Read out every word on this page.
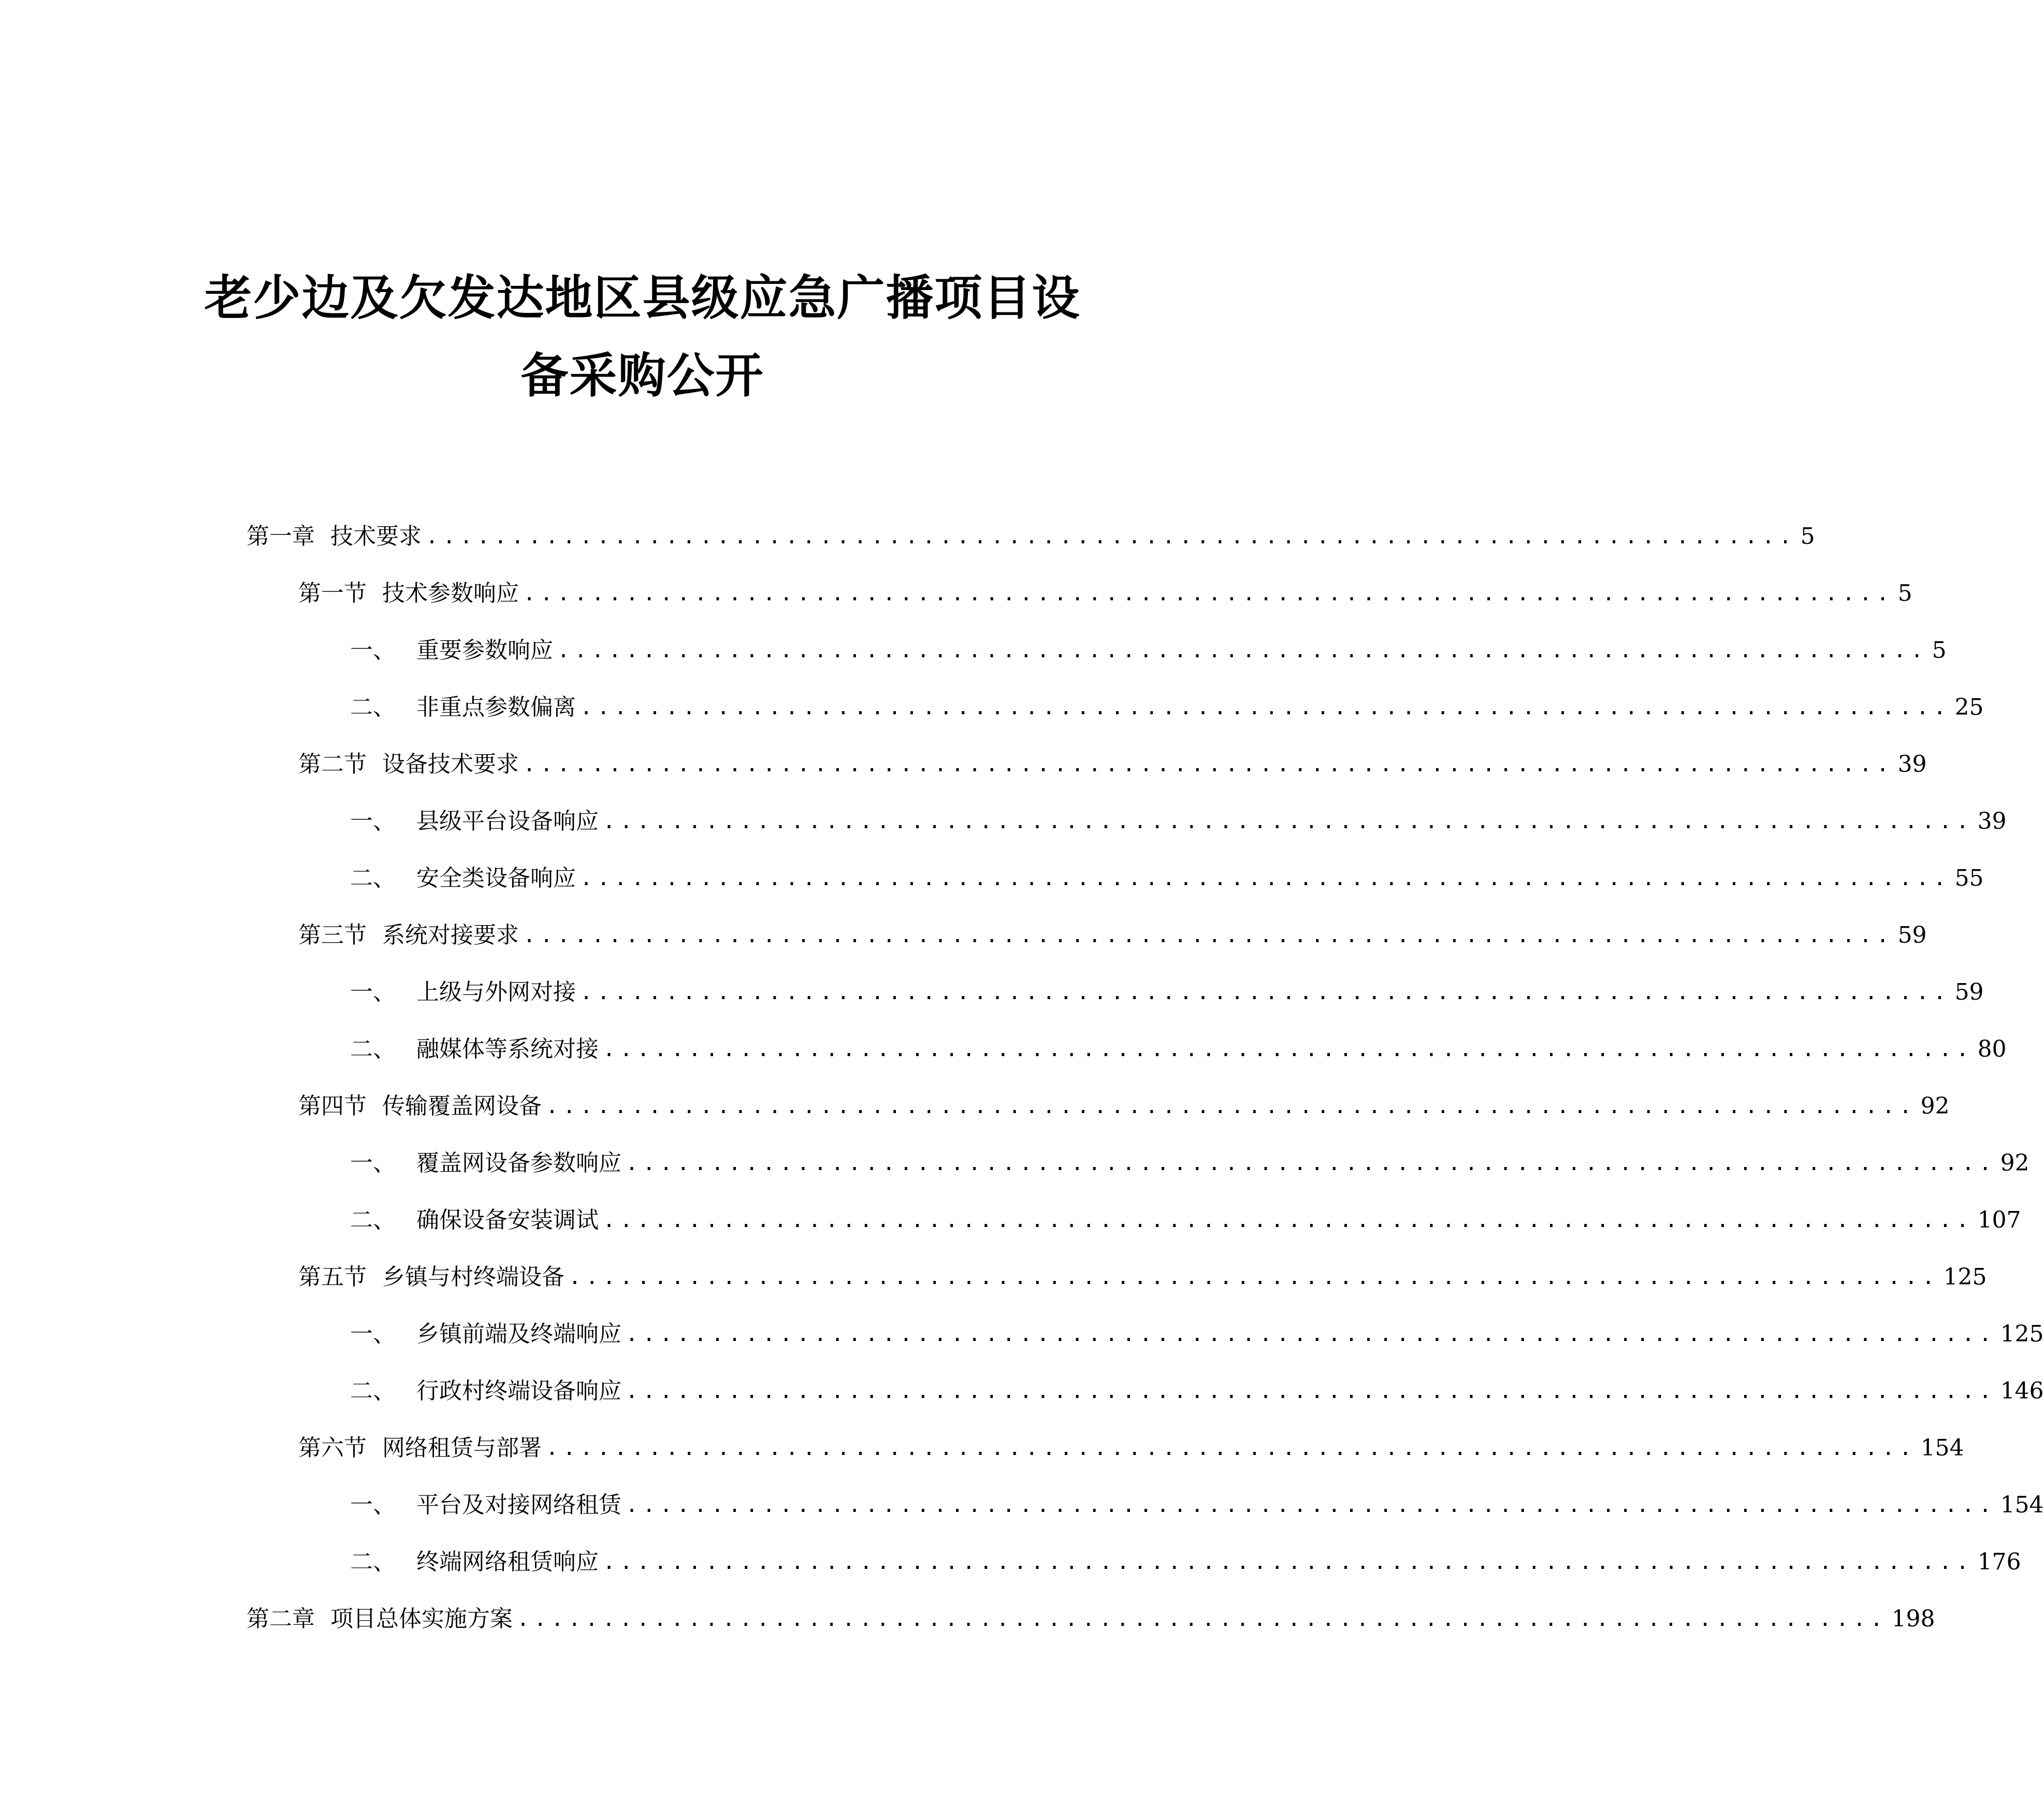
老少边及欠发达地区县级应急广播项目设
备采购公开
第一章 技术要求 ................................................................................ 5
第一节 技术参数响应 ................................................................................ 5
一、 重要参数响应 ................................................................................ 5
二、 非重点参数偏离 ................................................................................ 25
第二节 设备技术要求 ................................................................................ 39
一、 县级平台设备响应 ................................................................................ 39
二、 安全类设备响应 ................................................................................ 55
第三节 系统对接要求 ................................................................................ 59
一、 上级与外网对接 ................................................................................ 59
二、 融媒体等系统对接 ................................................................................ 80
第四节 传输覆盖网设备 ................................................................................ 92
一、 覆盖网设备参数响应 ................................................................................ 92
二、 确保设备安装调试 ................................................................................ 107
第五节 乡镇与村终端设备 ................................................................................ 125
一、 乡镇前端及终端响应 ................................................................................ 125
二、 行政村终端设备响应 ................................................................................ 146
第六节 网络租赁与部署 ................................................................................ 154
一、 平台及对接网络租赁 ................................................................................ 154
二、 终端网络租赁响应 ................................................................................ 176
第二章 项目总体实施方案 ................................................................................ 198
